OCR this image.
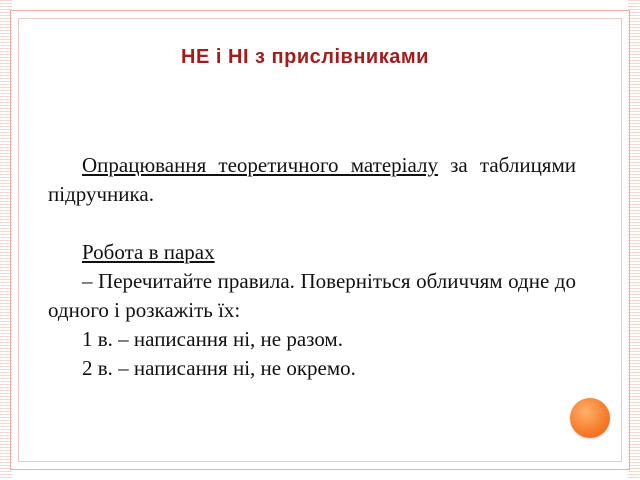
НЕ і НІ з прислівниками

Опрацювання теоретичного матеріалу за таблицями підручника.

Робота в парах

– Перечитайте правила. Поверніться обличчям одне до одного і розкажіть їх:

1 в. – написання ні, не разом.

2 в. – написання ні, не окремо.
